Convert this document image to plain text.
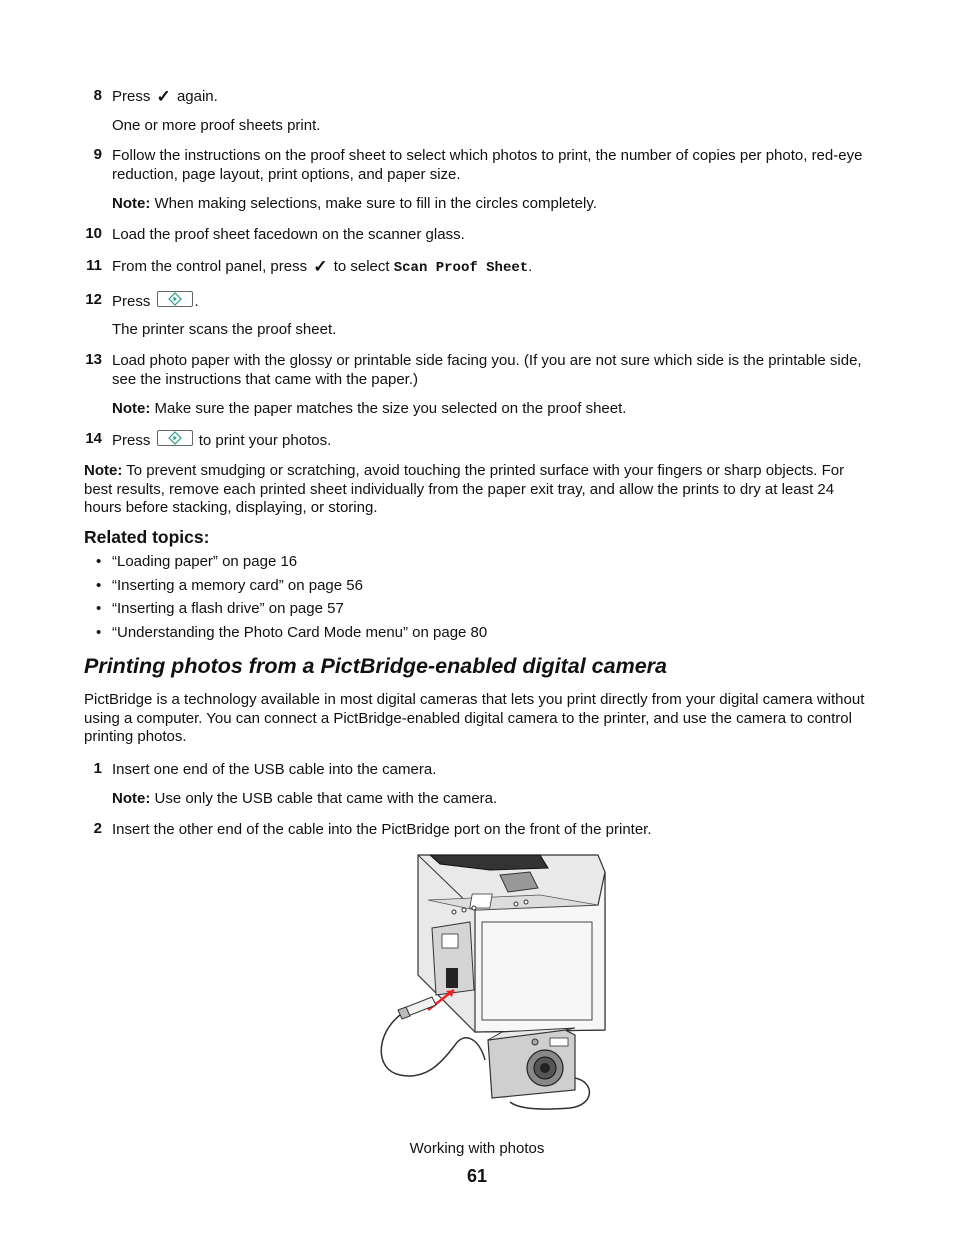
8 Press ✓ again.
One or more proof sheets print.
9 Follow the instructions on the proof sheet to select which photos to print, the number of copies per photo, red-eye reduction, page layout, print options, and paper size.
Note: When making selections, make sure to fill in the circles completely.
10 Load the proof sheet facedown on the scanner glass.
11 From the control panel, press ✓ to select Scan Proof Sheet.
12 Press	.
The printer scans the proof sheet.
13 Load photo paper with the glossy or printable side facing you. (If you are not sure which side is the printable side, see the instructions that came with the paper.)
Note: Make sure the paper matches the size you selected on the proof sheet.
14 Press	to print your photos.
Note: To prevent smudging or scratching, avoid touching the printed surface with your fingers or sharp objects. For best results, remove each printed sheet individually from the paper exit tray, and allow the prints to dry at least 24 hours before stacking, displaying, or storing.
Related topics:
• “Loading paper” on page 16
• “Inserting a memory card” on page 56
• “Inserting a flash drive” on page 57
• “Understanding the Photo Card Mode menu” on page 80
Printing photos from a PictBridge-enabled digital camera
PictBridge is a technology available in most digital cameras that lets you print directly from your digital camera without using a computer. You can connect a PictBridge-enabled digital camera to the printer, and use the camera to control printing photos.
1 Insert one end of the USB cable into the camera.
Note: Use only the USB cable that came with the camera.
2 Insert the other end of the cable into the PictBridge port on the front of the printer.
Working with photos
61
